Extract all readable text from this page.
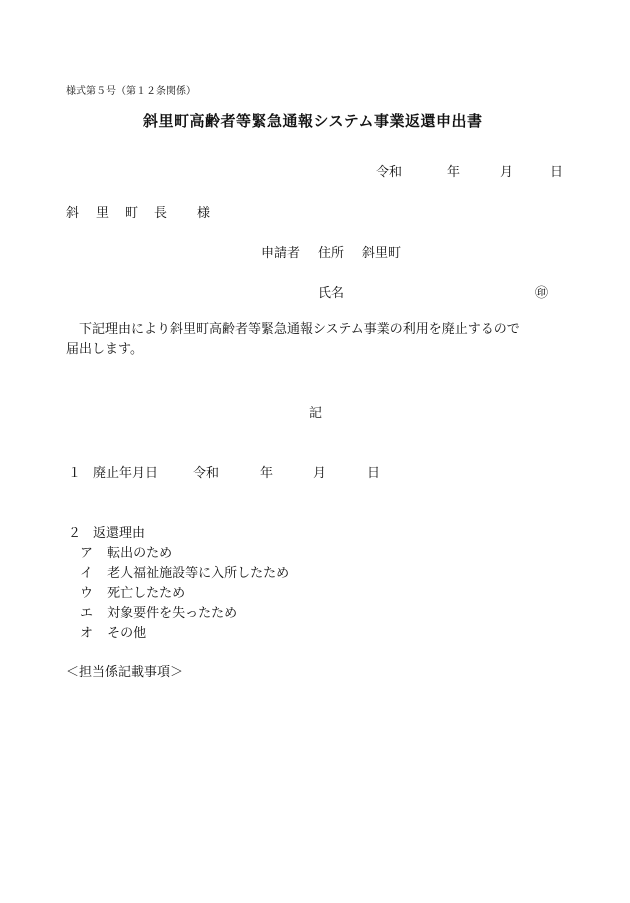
様式第５号（第１２条関係）
斜里町高齢者等緊急通報システム事業返還申出書
令和	年	月	日
斜 里 町 長 様
申請者 住所 斜里町
氏名	㊞
下記理由により斜里町高齢者等緊急通報システム事業の利用を廃止するので
届出します。
記
１ 廃止年月日	令和	年	月	日
２ 返還理由
ア 転出のため
イ 老人福祉施設等に入所したため
ウ 死亡したため
エ 対象要件を失ったため
オ その他
＜担当係記載事項＞
